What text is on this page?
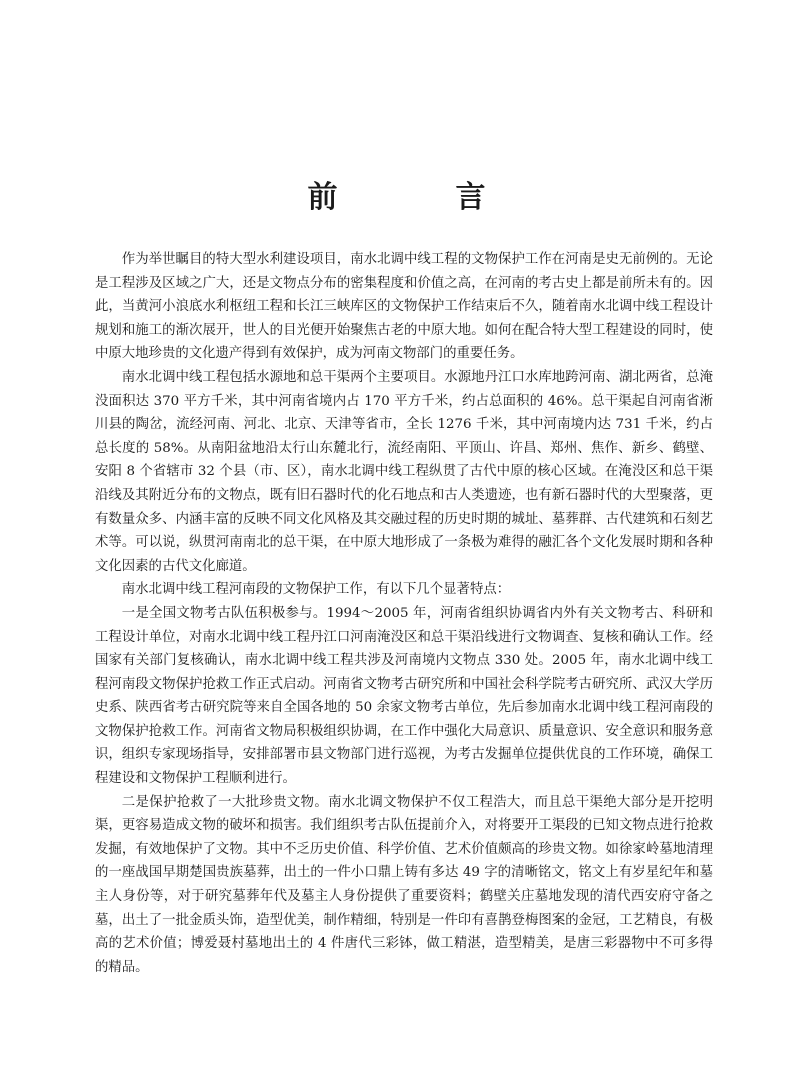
前　言

作为举世瞩目的特大型水利建设项目，南水北调中线工程的文物保护工作在河南是史无前例的。无论是工程涉及区域之广大，还是文物点分布的密集程度和价值之高，在河南的考古史上都是前所未有的。因此，当黄河小浪底水利枢纽工程和长江三峡库区的文物保护工作结束后不久，随着南水北调中线工程设计规划和施工的渐次展开，世人的目光便开始聚焦古老的中原大地。如何在配合特大型工程建设的同时，使中原大地珍贵的文化遗产得到有效保护，成为河南文物部门的重要任务。

南水北调中线工程包括水源地和总干渠两个主要项目。水源地丹江口水库地跨河南、湖北两省，总淹没面积达 370 平方千米，其中河南省境内占 170 平方千米，约占总面积的 46%。总干渠起自河南省淅川县的陶岔，流经河南、河北、北京、天津等省市，全长 1276 千米，其中河南境内达 731 千米，约占总长度的 58%。从南阳盆地沿太行山东麓北行，流经南阳、平顶山、许昌、郑州、焦作、新乡、鹤壁、安阳 8 个省辖市 32 个县（市、区），南水北调中线工程纵贯了古代中原的核心区域。在淹没区和总干渠沿线及其附近分布的文物点，既有旧石器时代的化石地点和古人类遗迹，也有新石器时代的大型聚落，更有数量众多、内涵丰富的反映不同文化风格及其交融过程的历史时期的城址、墓葬群、古代建筑和石刻艺术等。可以说，纵贯河南南北的总干渠，在中原大地形成了一条极为难得的融汇各个文化发展时期和各种文化因素的古代文化廊道。

南水北调中线工程河南段的文物保护工作，有以下几个显著特点：

一是全国文物考古队伍积极参与。1994～2005 年，河南省组织协调省内外有关文物考古、科研和工程设计单位，对南水北调中线工程丹江口河南淹没区和总干渠沿线进行文物调查、复核和确认工作。经国家有关部门复核确认，南水北调中线工程共涉及河南境内文物点 330 处。2005 年，南水北调中线工程河南段文物保护抢救工作正式启动。河南省文物考古研究所和中国社会科学院考古研究所、武汉大学历史系、陕西省考古研究院等来自全国各地的 50 余家文物考古单位，先后参加南水北调中线工程河南段的文物保护抢救工作。河南省文物局积极组织协调，在工作中强化大局意识、质量意识、安全意识和服务意识，组织专家现场指导，安排部署市县文物部门进行巡视，为考古发掘单位提供优良的工作环境，确保工程建设和文物保护工程顺利进行。

二是保护抢救了一大批珍贵文物。南水北调文物保护不仅工程浩大，而且总干渠绝大部分是开挖明渠，更容易造成文物的破坏和损害。我们组织考古队伍提前介入，对将要开工渠段的已知文物点进行抢救发掘，有效地保护了文物。其中不乏历史价值、科学价值、艺术价值颇高的珍贵文物。如徐家岭墓地清理的一座战国早期楚国贵族墓葬，出土的一件小口鼎上铸有多达 49 字的清晰铭文，铭文上有岁星纪年和墓主人身份等，对于研究墓葬年代及墓主人身份提供了重要资料；鹤壁关庄墓地发现的清代西安府守备之墓，出土了一批金质头饰，造型优美，制作精细，特别是一件印有喜鹊登梅图案的金冠，工艺精良，有极高的艺术价值；博爱聂村墓地出土的 4 件唐代三彩钵，做工精湛，造型精美，是唐三彩器物中不可多得的精品。
